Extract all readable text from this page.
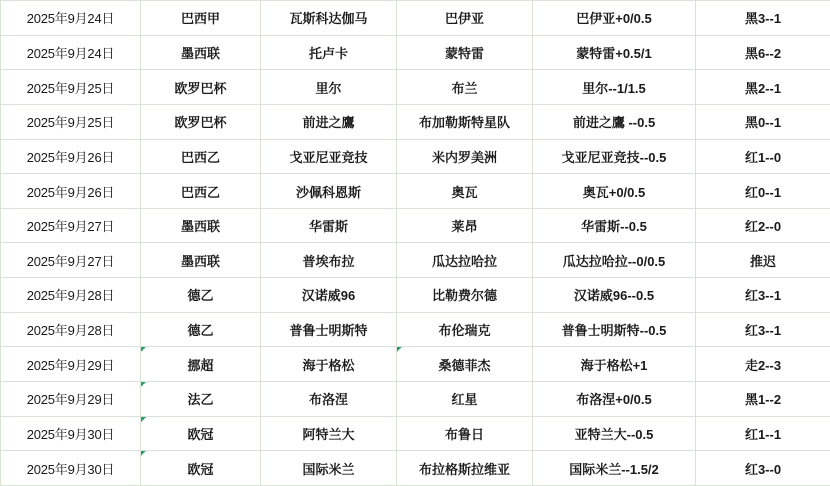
2025年9月24日	巴西甲	瓦斯科达伽马	巴伊亚	巴伊亚+0/0.5	黑3--1
2025年9月24日	墨西联	托卢卡	蒙特雷	蒙特雷+0.5/1	黑6--2
2025年9月25日	欧罗巴杯	里尔	布兰	里尔--1/1.5	黑2--1
2025年9月25日	欧罗巴杯	前进之鷹	布加勒斯特星队	前进之鷹 --0.5	黑0--1
2025年9月26日	巴西乙	戈亚尼亚竞技	米内罗美洲	戈亚尼亚竞技--0.5	红1--0
2025年9月26日	巴西乙	沙佩科恩斯	奥瓦	奥瓦+0/0.5	红0--1
2025年9月27日	墨西联	华雷斯	莱昂	华雷斯--0.5	红2--0
2025年9月27日	墨西联	普埃布拉	瓜达拉哈拉	瓜达拉哈拉--0/0.5	推迟
2025年9月28日	德乙	汉诺威96	比勒费尔德	汉诺威96--0.5	红3--1
2025年9月28日	德乙	普鲁士明斯特	布伦瑞克	普鲁士明斯特--0.5	红3--1
2025年9月29日	挪超	海于格松	桑德菲杰	海于格松+1	走2--3
2025年9月29日	法乙	布洛涅	红星	布洛涅+0/0.5	黑1--2
2025年9月30日	欧冠	阿特兰大	布鲁日	亚特兰大--0.5	红1--1
2025年9月30日	欧冠	国际米兰	布拉格斯拉维亚	国际米兰--1.5/2	红3--0
